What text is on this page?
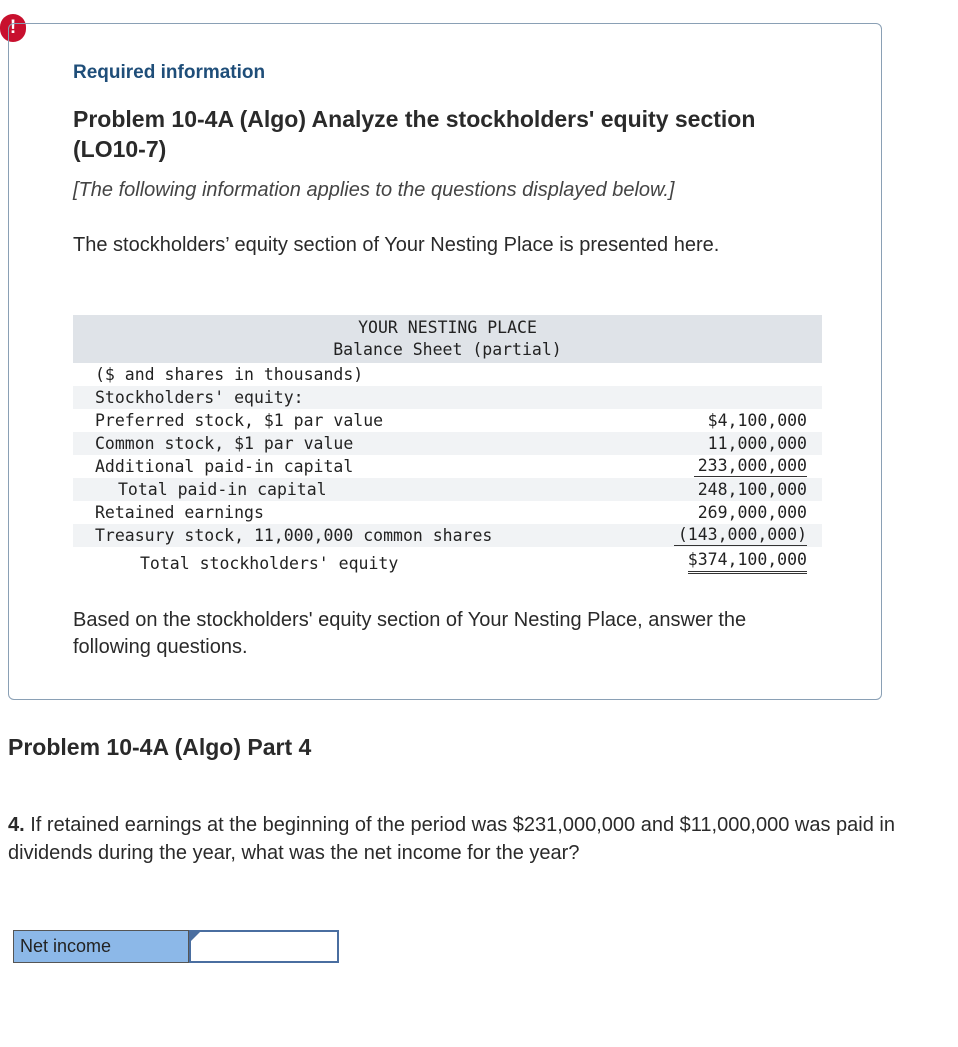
!
Required information
Problem 10-4A (Algo) Analyze the stockholders' equity section (LO10-7)
[The following information applies to the questions displayed below.]
The stockholders’ equity section of Your Nesting Place is presented here.
YOUR NESTING PLACE
Balance Sheet (partial)
($ and shares in thousands)
Stockholders' equity:
Preferred stock, $1 par value	$4,100,000
Common stock, $1 par value	11,000,000
Additional paid-in capital	233,000,000
Total paid-in capital	248,100,000
Retained earnings	269,000,000
Treasury stock, 11,000,000 common shares	(143,000,000)
Total stockholders' equity	$374,100,000
Based on the stockholders' equity section of Your Nesting Place, answer the following questions.
Problem 10-4A (Algo) Part 4
4. If retained earnings at the beginning of the period was $231,000,000 and $11,000,000 was paid in dividends during the year, what was the net income for the year?
Net income
